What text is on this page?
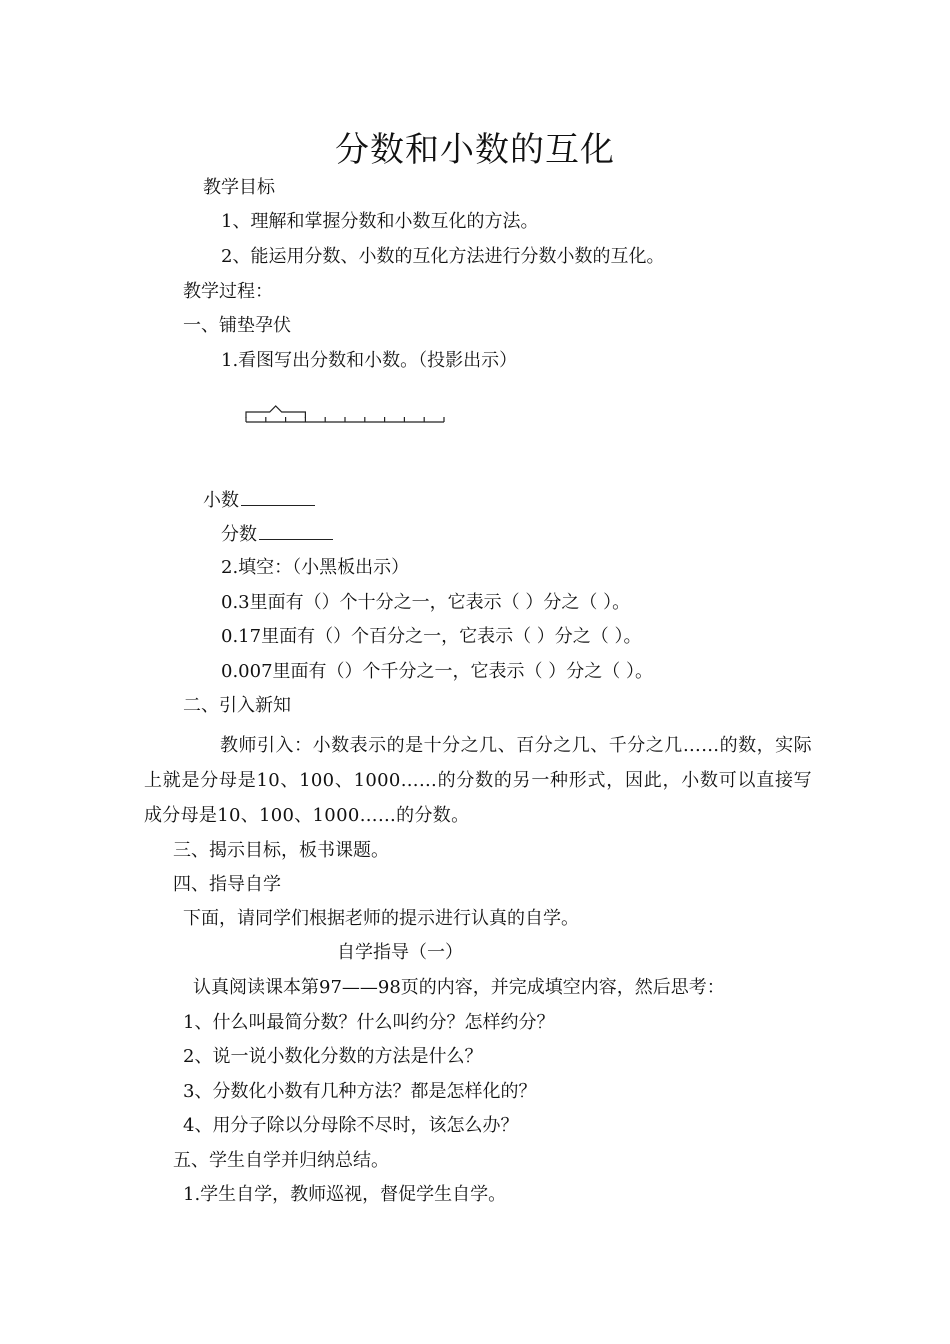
分数和小数的互化
教学目标
1、理解和掌握分数和小数互化的方法。
2、能运用分数、小数的互化方法进行分数小数的互化。
教学过程：
一、铺垫孕伏
1.看图写出分数和小数。（投影出示）
小数
分数
2.填空：（小黑板出示）
0.3里面有（）个十分之一，它表示（ ）分之（ ）。
0.17里面有（）个百分之一，它表示（ ）分之（ ）。
0.007里面有（）个千分之一，它表示（ ）分之（ ）。
二、引入新知
教师引入：小数表示的是十分之几、百分之几、千分之几……的数，实际上就是分母是10、100、1000……的分数的另一种形式，因此，小数可以直接写成分母是10、100、1000……的分数。
三、揭示目标，板书课题。
四、指导自学
下面，请同学们根据老师的提示进行认真的自学。
自学指导（一）
认真阅读课本第97——98页的内容，并完成填空内容，然后思考：
1、什么叫最简分数？什么叫约分？怎样约分？
2、说一说小数化分数的方法是什么？
3、分数化小数有几种方法？都是怎样化的？
4、用分子除以分母除不尽时，该怎么办？
五、学生自学并归纳总结。
1.学生自学，教师巡视，督促学生自学。
